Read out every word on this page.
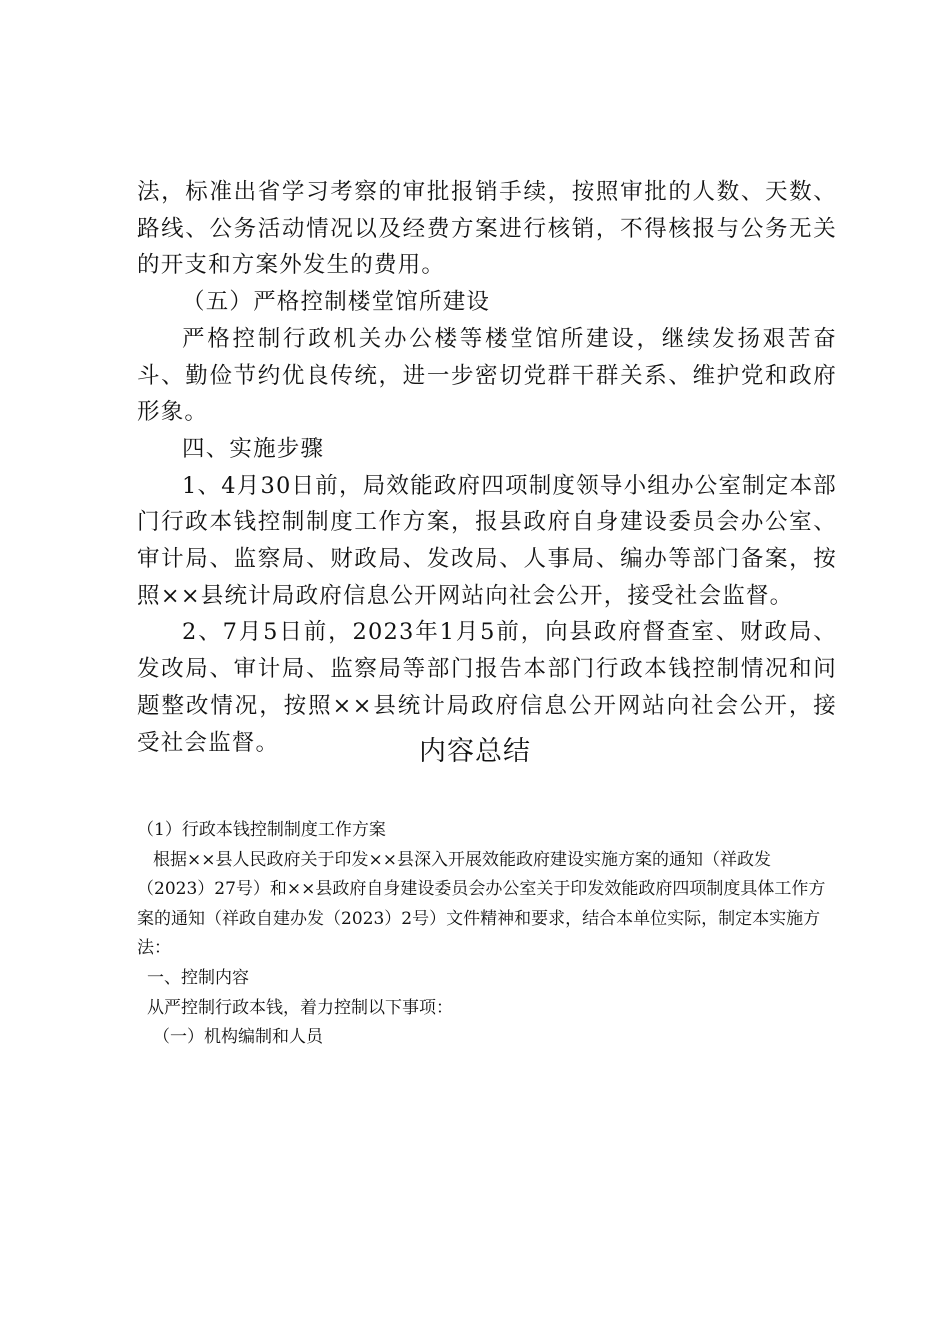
法，标准出省学习考察的审批报销手续，按照审批的人数、天数、路线、公务活动情况以及经费方案进行核销，不得核报与公务无关的开支和方案外发生的费用。

（五）严格控制楼堂馆所建设

严格控制行政机关办公楼等楼堂馆所建设，继续发扬艰苦奋斗、勤俭节约优良传统，进一步密切党群干群关系、维护党和政府形象。

四、实施步骤

1、4月30日前，局效能政府四项制度领导小组办公室制定本部门行政本钱控制制度工作方案，报县政府自身建设委员会办公室、审计局、监察局、财政局、发改局、人事局、编办等部门备案，按照××县统计局政府信息公开网站向社会公开，接受社会监督。

2、7月5日前，2023年1月5前，向县政府督查室、财政局、发改局、审计局、监察局等部门报告本部门行政本钱控制情况和问题整改情况，按照××县统计局政府信息公开网站向社会公开，接受社会监督。	内容总结

（1）行政本钱控制制度工作方案

根据××县人民政府关于印发××县深入开展效能政府建设实施方案的通知（祥政发（2023）27号）和××县政府自身建设委员会办公室关于印发效能政府四项制度具体工作方案的通知（祥政自建办发（2023）2号）文件精神和要求，结合本单位实际，制定本实施方法：

一、控制内容

从严控制行政本钱，着力控制以下事项：

（一）机构编制和人员
